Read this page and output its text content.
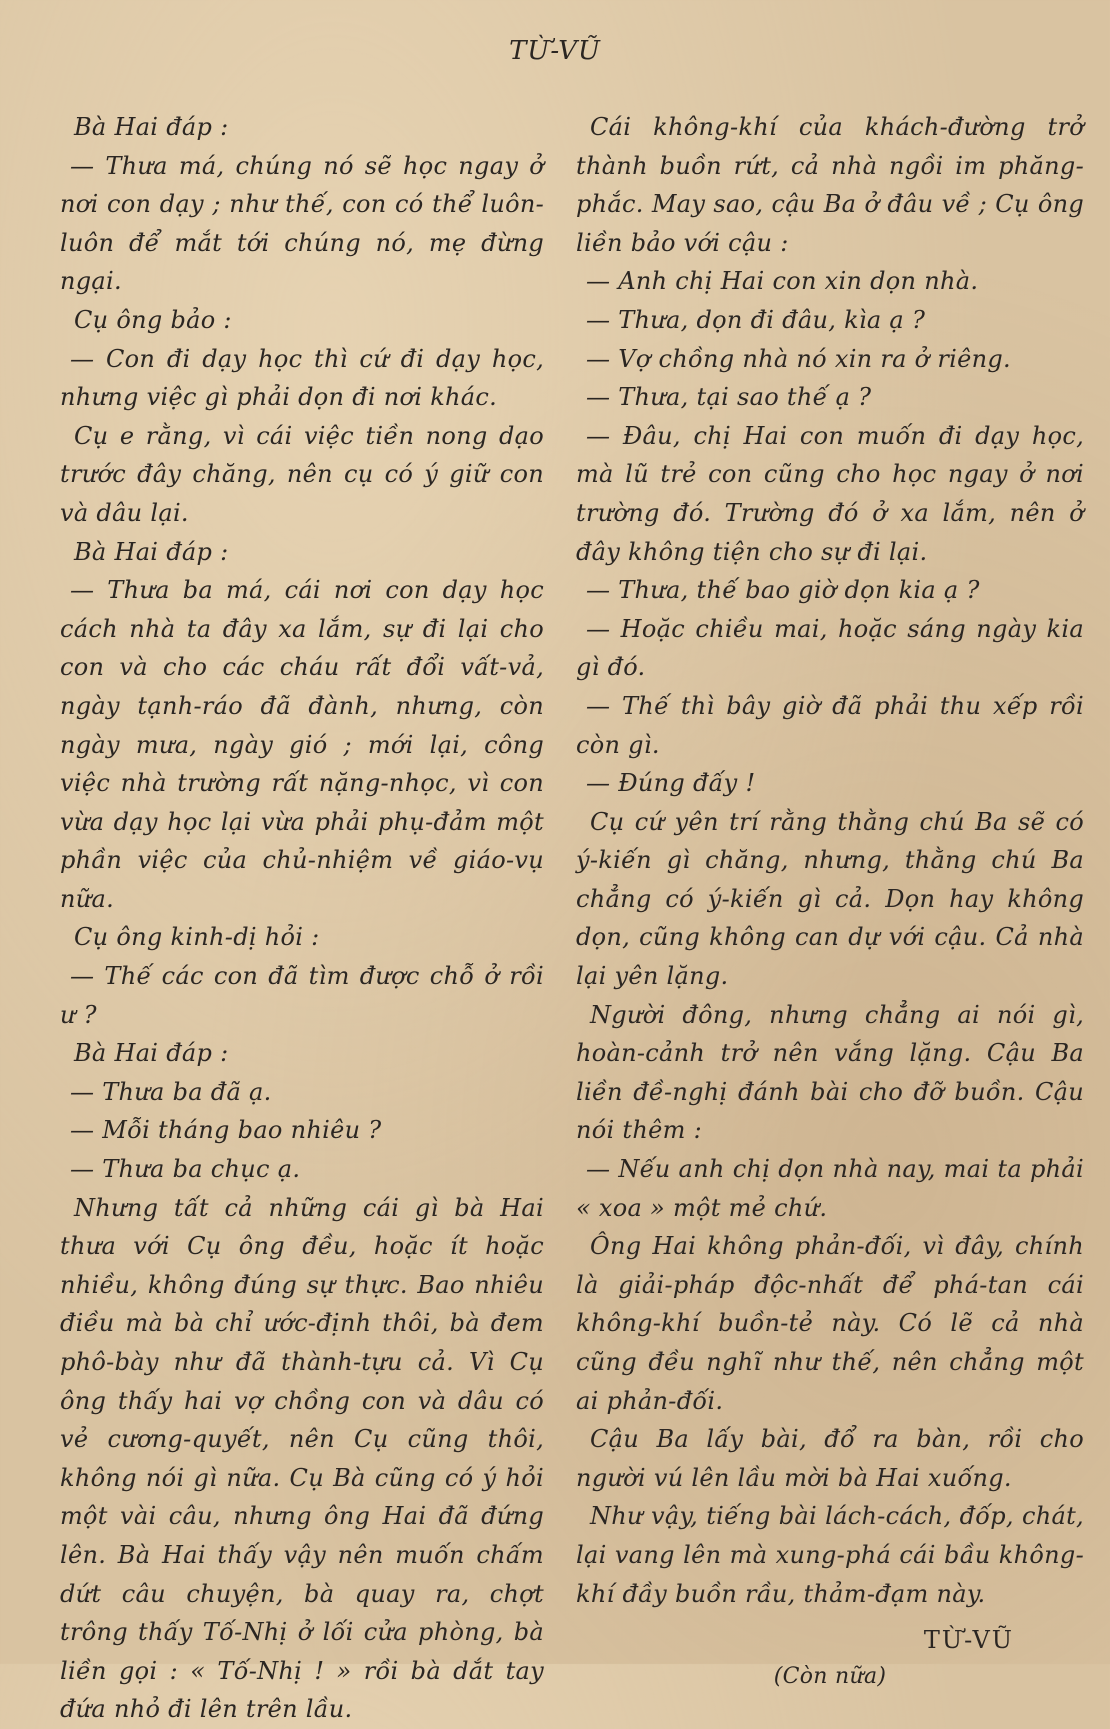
TỪ-VŨ

Bà Hai đáp :

— Thưa má, chúng nó sẽ học ngay ở nơi con dạy ; như thế, con có thể luôn-luôn để mắt tới chúng nó, mẹ đừng ngại.

Cụ ông bảo :

— Con đi dạy học thì cứ đi dạy học, nhưng việc gì phải dọn đi nơi khác.

Cụ e rằng, vì cái việc tiền nong dạo trước đây chăng, nên cụ có ý giữ con và dâu lại.

Bà Hai đáp :

— Thưa ba má, cái nơi con dạy học cách nhà ta đây xa lắm, sự đi lại cho con và cho các cháu rất đổi vất-vả, ngày tạnh-ráo đã đành, nhưng, còn ngày mưa, ngày gió ; mới lại, công việc nhà trường rất nặng-nhọc, vì con vừa dạy học lại vừa phải phụ-đảm một phần việc của chủ-nhiệm về giáo-vụ nữa.

Cụ ông kinh-dị hỏi :

— Thế các con đã tìm được chỗ ở rồi ư ?

Bà Hai đáp :

— Thưa ba đã ạ.

— Mỗi tháng bao nhiêu ?

— Thưa ba chục ạ.

Nhưng tất cả những cái gì bà Hai thưa với Cụ ông đều, hoặc ít hoặc nhiều, không đúng sự thực. Bao nhiêu điều mà bà chỉ ước-định thôi, bà đem phô-bày như đã thành-tựu cả. Vì Cụ ông thấy hai vợ chồng con và dâu có vẻ cương-quyết, nên Cụ cũng thôi, không nói gì nữa. Cụ Bà cũng có ý hỏi một vài câu, nhưng ông Hai đã đứng lên. Bà Hai thấy vậy nên muốn chấm dứt câu chuyện, bà quay ra, chợt trông thấy Tố-Nhị ở lối cửa phòng, bà liền gọi : « Tố-Nhị ! » rồi bà dắt tay đứa nhỏ đi lên trên lầu.

Cái không-khí của khách-đường trở thành buồn rứt, cả nhà ngồi im phăng-phắc. May sao, cậu Ba ở đâu về ; Cụ ông liền bảo với cậu :

— Anh chị Hai con xin dọn nhà.

— Thưa, dọn đi đâu, kìa ạ ?

— Vợ chồng nhà nó xin ra ở riêng.

— Thưa, tại sao thế ạ ?

— Đâu, chị Hai con muốn đi dạy học, mà lũ trẻ con cũng cho học ngay ở nơi trường đó. Trường đó ở xa lắm, nên ở đây không tiện cho sự đi lại.

— Thưa, thế bao giờ dọn kia ạ ?

— Hoặc chiều mai, hoặc sáng ngày kia gì đó.

— Thế thì bây giờ đã phải thu xếp rồi còn gì.

— Đúng đấy !

Cụ cứ yên trí rằng thằng chú Ba sẽ có ý-kiến gì chăng, nhưng, thằng chú Ba chẳng có ý-kiến gì cả. Dọn hay không dọn, cũng không can dự với cậu. Cả nhà lại yên lặng.

Người đông, nhưng chẳng ai nói gì, hoàn-cảnh trở nên vắng lặng. Cậu Ba liền đề-nghị đánh bài cho đỡ buồn. Cậu nói thêm :

— Nếu anh chị dọn nhà nay, mai ta phải « xoa » một mẻ chứ.

Ông Hai không phản-đối, vì đây, chính là giải-pháp độc-nhất để phá-tan cái không-khí buồn-tẻ này. Có lẽ cả nhà cũng đều nghĩ như thế, nên chẳng một ai phản-đối.

Cậu Ba lấy bài, đổ ra bàn, rồi cho người vú lên lầu mời bà Hai xuống.

Như vậy, tiếng bài lách-cách, đốp, chát, lại vang lên mà xung-phá cái bầu không-khí đầy buồn rầu, thảm-đạm này.

TỪ-VŨ
(Còn nữa)
